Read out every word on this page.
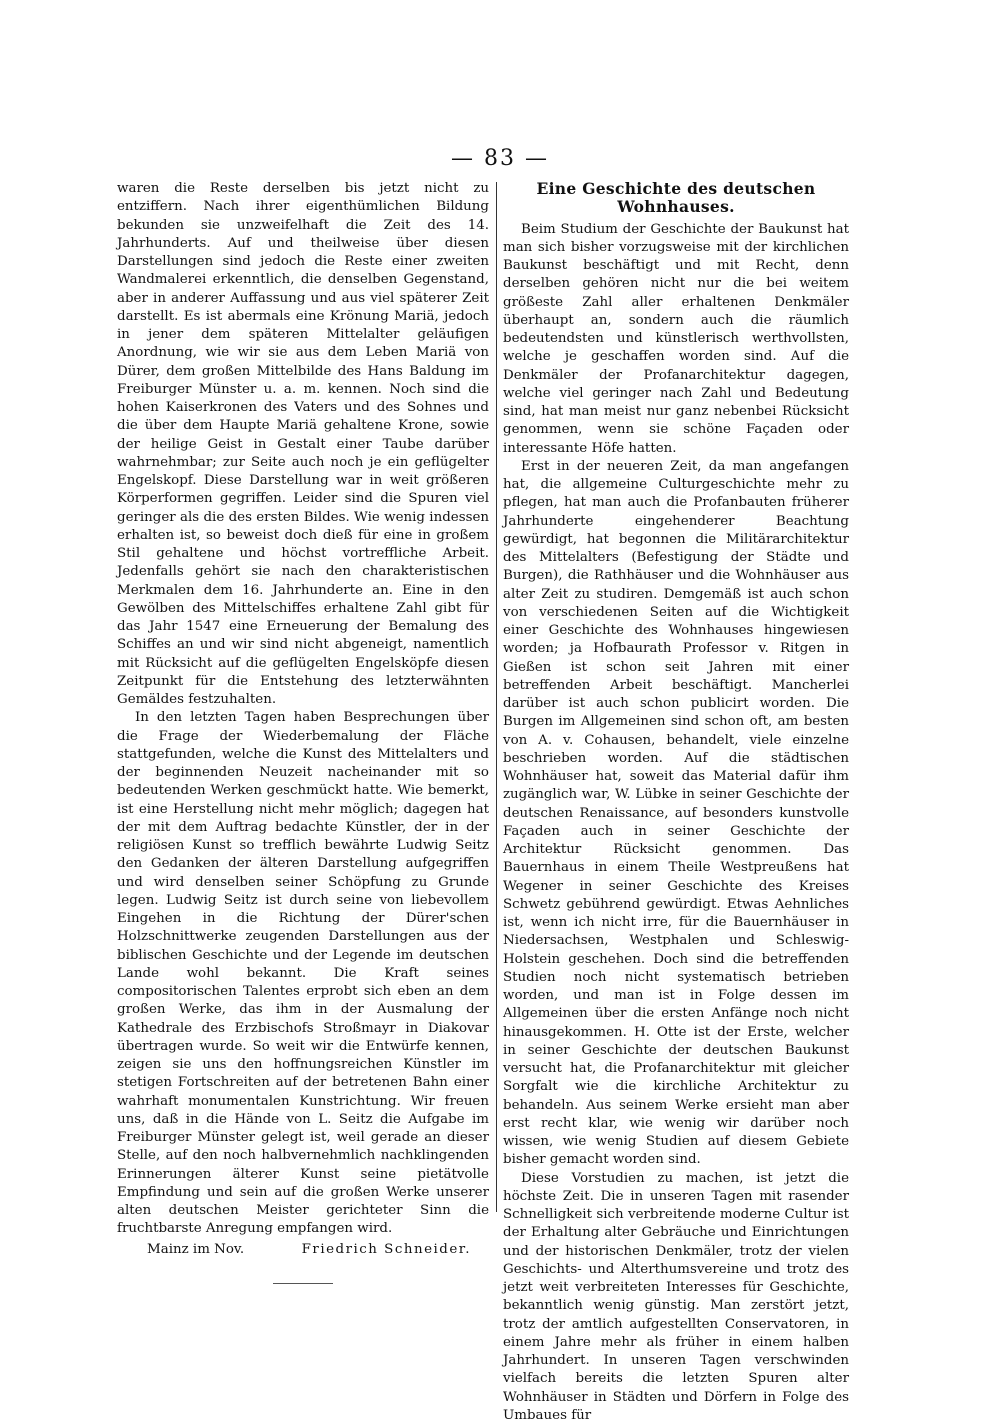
— 83 —

waren die Reste derselben bis jetzt nicht zu entziffern. Nach ihrer eigenthümlichen Bildung bekunden sie unzweifelhaft die Zeit des 14. Jahrhunderts. Auf und theilweise über diesen Darstellungen sind jedoch die Reste einer zweiten Wandmalerei erkenntlich, die denselben Gegenstand, aber in anderer Auffassung und aus viel späterer Zeit darstellt. Es ist abermals eine Krönung Mariä, jedoch in jener dem späteren Mittelalter geläufigen Anordnung, wie wir sie aus dem Leben Mariä von Dürer, dem großen Mittelbilde des Hans Baldung im Freiburger Münster u. a. m. kennen. Noch sind die hohen Kaiserkronen des Vaters und des Sohnes und die über dem Haupte Mariä gehaltene Krone, sowie der heilige Geist in Gestalt einer Taube darüber wahrnehmbar; zur Seite auch noch je ein geflügelter Engelskopf. Diese Darstellung war in weit größeren Körperformen gegriffen. Leider sind die Spuren viel geringer als die des ersten Bildes. Wie wenig indessen erhalten ist, so beweist doch dieß für eine in großem Stil gehaltene und höchst vortreffliche Arbeit. Jedenfalls gehört sie nach den charakteristischen Merkmalen dem 16. Jahrhunderte an. Eine in den Gewölben des Mittelschiffes erhaltene Zahl gibt für das Jahr 1547 eine Erneuerung der Bemalung des Schiffes an und wir sind nicht abgeneigt, namentlich mit Rücksicht auf die geflügelten Engelsköpfe diesen Zeitpunkt für die Entstehung des letzterwähnten Gemäldes festzuhalten.

In den letzten Tagen haben Besprechungen über die Frage der Wiederbemalung der Fläche stattgefunden, welche die Kunst des Mittelalters und der beginnenden Neuzeit nacheinander mit so bedeutenden Werken geschmückt hatte. Wie bemerkt, ist eine Herstellung nicht mehr möglich; dagegen hat der mit dem Auftrag bedachte Künstler, der in der religiösen Kunst so trefflich bewährte Ludwig Seitz den Gedanken der älteren Darstellung aufgegriffen und wird denselben seiner Schöpfung zu Grunde legen. Ludwig Seitz ist durch seine von liebevollem Eingehen in die Richtung der Dürer'schen Holzschnittwerke zeugenden Darstellungen aus der biblischen Geschichte und der Legende im deutschen Lande wohl bekannt. Die Kraft seines compositorischen Talentes erprobt sich eben an dem großen Werke, das ihm in der Ausmalung der Kathedrale des Erzbischofs Stroßmayr in Diakovar übertragen wurde. So weit wir die Entwürfe kennen, zeigen sie uns den hoffnungsreichen Künstler im stetigen Fortschreiten auf der betretenen Bahn einer wahrhaft monumentalen Kunstrichtung. Wir freuen uns, daß in die Hände von L. Seitz die Aufgabe im Freiburger Münster gelegt ist, weil gerade an dieser Stelle, auf den noch halbvernehmlich nachklingenden Erinnerungen älterer Kunst seine pietätvolle Empfindung und sein auf die großen Werke unserer alten deutschen Meister gerichteter Sinn die fruchtbarste Anregung empfangen wird.

Mainz im Nov.	Friedrich Schneider.
Eine Geschichte des deutschen Wohnhauses.

Beim Studium der Geschichte der Baukunst hat man sich bisher vorzugsweise mit der kirchlichen Baukunst beschäftigt und mit Recht, denn derselben gehören nicht nur die bei weitem größeste Zahl aller erhaltenen Denkmäler überhaupt an, sondern auch die räumlich bedeutendsten und künstlerisch werthvollsten, welche je geschaffen worden sind. Auf die Denkmäler der Profanarchitektur dagegen, welche viel geringer nach Zahl und Bedeutung sind, hat man meist nur ganz nebenbei Rücksicht genommen, wenn sie schöne Façaden oder interessante Höfe hatten.

Erst in der neueren Zeit, da man angefangen hat, die allgemeine Culturgeschichte mehr zu pflegen, hat man auch die Profanbauten früherer Jahrhunderte eingehenderer Beachtung gewürdigt, hat begonnen die Militärarchitektur des Mittelalters (Befestigung der Städte und Burgen), die Rathhäuser und die Wohnhäuser aus alter Zeit zu studiren. Demgemäß ist auch schon von verschiedenen Seiten auf die Wichtigkeit einer Geschichte des Wohnhauses hingewiesen worden; ja Hofbaurath Professor v. Ritgen in Gießen ist schon seit Jahren mit einer betreffenden Arbeit beschäftigt. Mancherlei darüber ist auch schon publicirt worden. Die Burgen im Allgemeinen sind schon oft, am besten von A. v. Cohausen, behandelt, viele einzelne beschrieben worden. Auf die städtischen Wohnhäuser hat, soweit das Material dafür ihm zugänglich war, W. Lübke in seiner Geschichte der deutschen Renaissance, auf besonders kunstvolle Façaden auch in seiner Geschichte der Architektur Rücksicht genommen. Das Bauernhaus in einem Theile Westpreußens hat Wegener in seiner Geschichte des Kreises Schwetz gebührend gewürdigt. Etwas Aehnliches ist, wenn ich nicht irre, für die Bauernhäuser in Niedersachsen, Westphalen und Schleswig-Holstein geschehen. Doch sind die betreffenden Studien noch nicht systematisch betrieben worden, und man ist in Folge dessen im Allgemeinen über die ersten Anfänge noch nicht hinausgekommen. H. Otte ist der Erste, welcher in seiner Geschichte der deutschen Baukunst versucht hat, die Profanarchitektur mit gleicher Sorgfalt wie die kirchliche Architektur zu behandeln. Aus seinem Werke ersieht man aber erst recht klar, wie wenig wir darüber noch wissen, wie wenig Studien auf diesem Gebiete bisher gemacht worden sind.

Diese Vorstudien zu machen, ist jetzt die höchste Zeit. Die in unseren Tagen mit rasender Schnelligkeit sich verbreitende moderne Cultur ist der Erhaltung alter Gebräuche und Einrichtungen und der historischen Denkmäler, trotz der vielen Geschichts- und Alterthumsvereine und trotz des jetzt weit verbreiteten Interesses für Geschichte, bekanntlich wenig günstig. Man zerstört jetzt, trotz der amtlich aufgestellten Conservatoren, in einem Jahre mehr als früher in einem halben Jahrhundert. In unseren Tagen verschwinden vielfach bereits die letzten Spuren alter Wohnhäuser in Städten und Dörfern in Folge des Umbaues für
